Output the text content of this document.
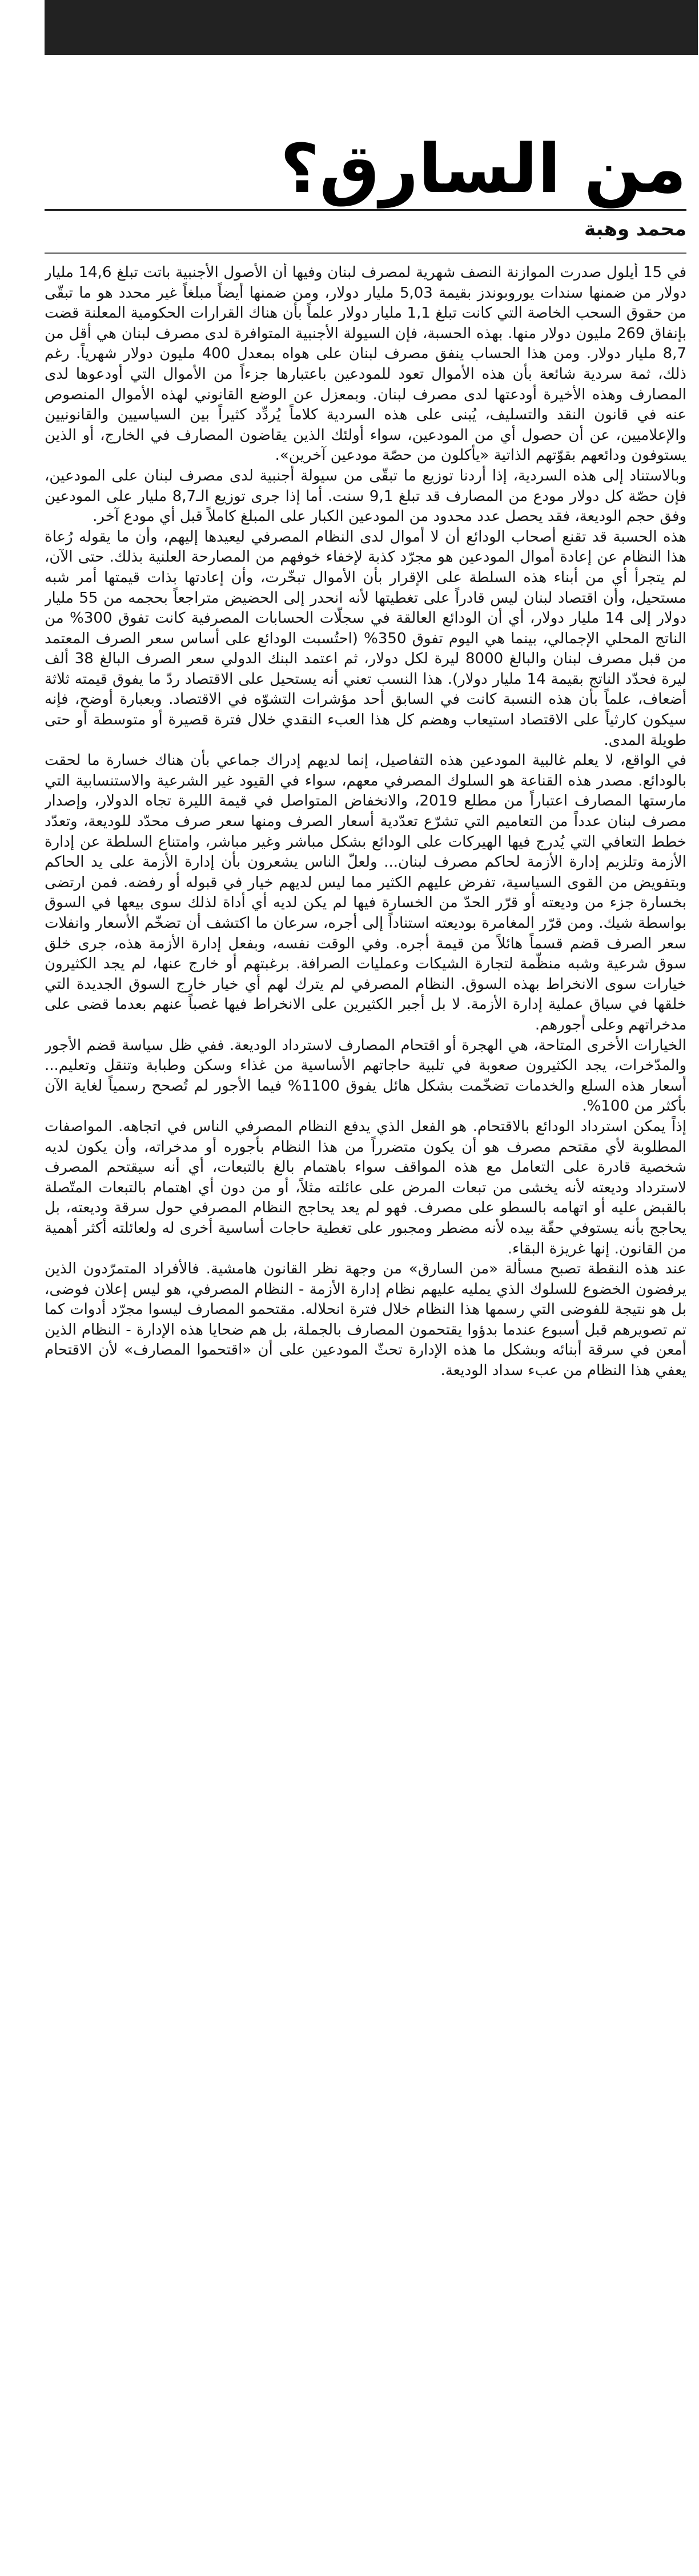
من السارق؟
محمد وهبة

في 15 أيلول صدرت الموازنة النصف شهرية لمصرف لبنان وفيها أن الأصول الأجنبية باتت تبلغ 14,6 مليار دولار من ضمنها سندات يوروبوندز بقيمة 5,03 مليار دولار، ومن ضمنها أيضاً مبلغاً غير محدد هو ما تبقّى من حقوق السحب الخاصة التي كانت تبلغ 1,1 مليار دولار علماً بأن هناك القرارات الحكومية المعلنة قضت بإنفاق 269 مليون دولار منها. بهذه الحسبة، فإن السيولة الأجنبية المتوافرة لدى مصرف لبنان هي أقل من 8,7 مليار دولار. ومن هذا الحساب ينفق مصرف لبنان على هواه بمعدل 400 مليون دولار شهرياً. رغم ذلك، ثمة سردية شائعة بأن هذه الأموال تعود للمودعين باعتبارها جزءاً من الأموال التي أودعوها لدى المصارف وهذه الأخيرة أودعتها لدى مصرف لبنان. وبمعزل عن الوضع القانوني لهذه الأموال المنصوص عنه في قانون النقد والتسليف، يُبنى على هذه السردية كلاماً يُردِّد كثيراً بين السياسيين والقانونيين والإعلاميين، عن أن حصول أي من المودعين، سواء أولئك الذين يقاضون المصارف في الخارج، أو الذين يستوفون ودائعهم بقوّتهم الذاتية «يأكلون من حصّة مودعين آخرين».

وبالاستناد إلى هذه السردية، إذا أردنا توزيع ما تبقّى من سيولة أجنبية لدى مصرف لبنان على المودعين، فإن حصّة كل دولار مودع من المصارف قد تبلغ 9,1 سنت. أما إذا جرى توزيع الـ8,7 مليار على المودعين وفق حجم الوديعة، فقد يحصل عدد محدود من المودعين الكبار على المبلغ كاملاً قبل أي مودع آخر.

هذه الحسبة قد تقنع أصحاب الودائع أن لا أموال لدى النظام المصرفي ليعيدها إليهم، وأن ما يقوله رُعاة هذا النظام عن إعادة أموال المودعين هو مجرّد كذبة لإخفاء خوفهم من المصارحة العلنية بذلك. حتى الآن، لم يتجرأ أي من أبناء هذه السلطة على الإقرار بأن الأموال تبخّرت، وأن إعادتها بذات قيمتها أمر شبه مستحيل، وأن اقتصاد لبنان ليس قادراً على تغطيتها لأنه انحدر إلى الحضيض متراجعاً بحجمه من 55 مليار دولار إلى 14 مليار دولار، أي أن الودائع العالقة في سجلّات الحسابات المصرفية كانت تفوق 300% من الناتج المحلي الإجمالي، بينما هي اليوم تفوق 350% (احتُسبت الودائع على أساس سعر الصرف المعتمد من قبل مصرف لبنان والبالغ 8000 ليرة لكل دولار، ثم اعتمد البنك الدولي سعر الصرف البالغ 38 ألف ليرة فحدّد الناتج بقيمة 14 مليار دولار). هذا النسب تعني أنه يستحيل على الاقتصاد ردّ ما يفوق قيمته ثلاثة أضعاف، علماً بأن هذه النسبة كانت في السابق أحد مؤشرات التشوّه في الاقتصاد. وبعبارة أوضح، فإنه سيكون كارثياً على الاقتصاد استيعاب وهضم كل هذا العبء النقدي خلال فترة قصيرة أو متوسطة أو حتى طويلة المدى.

في الواقع، لا يعلم غالبية المودعين هذه التفاصيل، إنما لديهم إدراك جماعي بأن هناك خسارة ما لحقت بالودائع. مصدر هذه القناعة هو السلوك المصرفي معهم، سواء في القيود غير الشرعية والاستنسابية التي مارستها المصارف اعتباراً من مطلع 2019، والانخفاض المتواصل في قيمة الليرة تجاه الدولار، وإصدار مصرف لبنان عدداً من التعاميم التي تشرّع تعدّدية أسعار الصرف ومنها سعر صرف محدّد للوديعة، وتعدّد خطط التعافي التي يُدرج فيها الهيركات على الودائع بشكل مباشر وغير مباشر، وامتناع السلطة عن إدارة الأزمة وتلزيم إدارة الأزمة لحاكم مصرف لبنان... ولعلّ الناس يشعرون بأن إدارة الأزمة على يد الحاكم وبتفويض من القوى السياسية، تفرض عليهم الكثير مما ليس لديهم خيار في قبوله أو رفضه. فمن ارتضى بخسارة جزء من وديعته أو قرّر الحدّ من الخسارة فيها لم يكن لديه أي أداة لذلك سوى بيعها في السوق بواسطة شيك. ومن قرّر المغامرة بوديعته استناداً إلى أجره، سرعان ما اكتشف أن تضخّم الأسعار وانفلات سعر الصرف قضم قسماً هائلاً من قيمة أجره. وفي الوقت نفسه، وبفعل إدارة الأزمة هذه، جرى خلق سوق شرعية وشبه منظّمة لتجارة الشيكات وعمليات الصرافة. برغبتهم أو خارج عنها، لم يجد الكثيرون خيارات سوى الانخراط بهذه السوق. النظام المصرفي لم يترك لهم أي خيار خارج السوق الجديدة التي خلقها في سياق عملية إدارة الأزمة. لا بل أجبر الكثيرين على الانخراط فيها غصباً عنهم بعدما قضى على مدخراتهم وعلى أجورهم.

الخيارات الأخرى المتاحة، هي الهجرة أو اقتحام المصارف لاسترداد الوديعة. ففي ظل سياسة قضم الأجور والمدّخرات، يجد الكثيرون صعوبة في تلبية حاجاتهم الأساسية من غذاء وسكن وطبابة وتنقل وتعليم... أسعار هذه السلع والخدمات تضخّمت بشكل هائل يفوق 1100% فيما الأجور لم تُصحح رسمياً لغاية الآن بأكثر من 100%.

إذاً يمكن استرداد الودائع بالاقتحام. هو الفعل الذي يدفع النظام المصرفي الناس في اتجاهه. المواصفات المطلوبة لأي مقتحم مصرف هو أن يكون متضرراً من هذا النظام بأجوره أو مدخراته، وأن يكون لديه شخصية قادرة على التعامل مع هذه المواقف سواء باهتمام بالغ بالتبعات، أي أنه سيقتحم المصرف لاسترداد وديعته لأنه يخشى من تبعات المرض على عائلته مثلاً، أو من دون أي اهتمام بالتبعات المتّصلة بالقبض عليه أو اتهامه بالسطو على مصرف. فهو لم يعد يحاجج النظام المصرفي حول سرقة وديعته، بل يحاجج بأنه يستوفي حقّة بيده لأنه مضطر ومجبور على تغطية حاجات أساسية أخرى له ولعائلته أكثر أهمية من القانون. إنها غريزة البقاء.

عند هذه النقطة تصبح مسألة «من السارق» من وجهة نظر القانون هامشية. فالأفراد المتمرّدون الذين يرفضون الخضوع للسلوك الذي يمليه عليهم نظام إدارة الأزمة - النظام المصرفي، هو ليس إعلان فوضى، بل هو نتيجة للفوضى التي رسمها هذا النظام خلال فترة انحلاله. مقتحمو المصارف ليسوا مجرّد أدوات كما تم تصويرهم قبل أسبوع عندما بدؤوا يقتحمون المصارف بالجملة، بل هم ضحايا هذه الإدارة - النظام الذين أمعن في سرقة أبنائه وبشكل ما هذه الإدارة تحثّ المودعين على أن «اقتحموا المصارف» لأن الاقتحام يعفي هذا النظام من عبء سداد الوديعة.
